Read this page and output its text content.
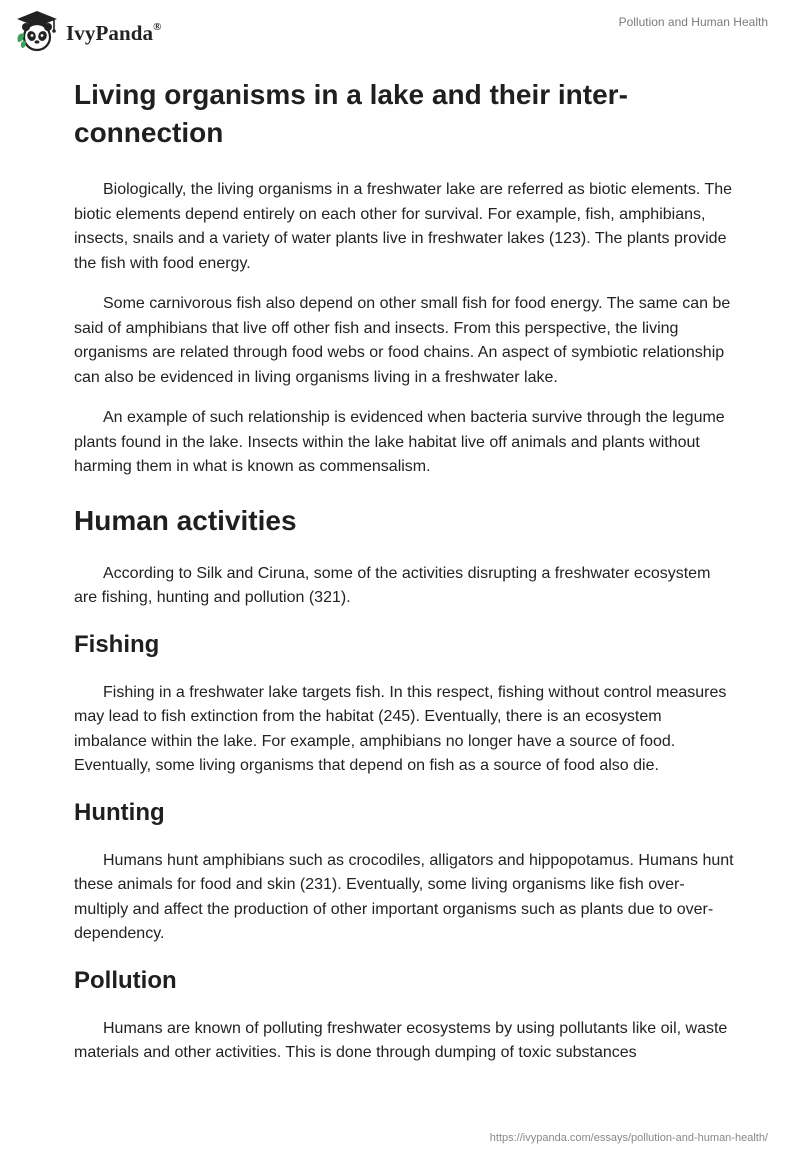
IvyPanda®	Pollution and Human Health
Living organisms in a lake and their inter-
connection

Biologically, the living organisms in a freshwater lake are referred as biotic elements. The biotic elements depend entirely on each other for survival. For example, fish, amphibians, insects, snails and a variety of water plants live in freshwater lakes (123). The plants provide the fish with food energy.

Some carnivorous fish also depend on other small fish for food energy. The same can be said of amphibians that live off other fish and insects. From this perspective, the living organisms are related through food webs or food chains. An aspect of symbiotic relationship can also be evidenced in living organisms living in a freshwater lake.

An example of such relationship is evidenced when bacteria survive through the legume plants found in the lake. Insects within the lake habitat live off animals and plants without harming them in what is known as commensalism.

Human activities

According to Silk and Ciruna, some of the activities disrupting a freshwater ecosystem are fishing, hunting and pollution (321).

Fishing

Fishing in a freshwater lake targets fish. In this respect, fishing without control measures may lead to fish extinction from the habitat (245). Eventually, there is an ecosystem imbalance within the lake. For example, amphibians no longer have a source of food. Eventually, some living organisms that depend on fish as a source of food also die.

Hunting

Humans hunt amphibians such as crocodiles, alligators and hippopotamus. Humans hunt these animals for food and skin (231). Eventually, some living organisms like fish over-multiply and affect the production of other important organisms such as plants due to over-dependency.

Pollution

Humans are known of polluting freshwater ecosystems by using pollutants like oil, waste materials and other activities. This is done through dumping of toxic substances

https://ivypanda.com/essays/pollution-and-human-health/
